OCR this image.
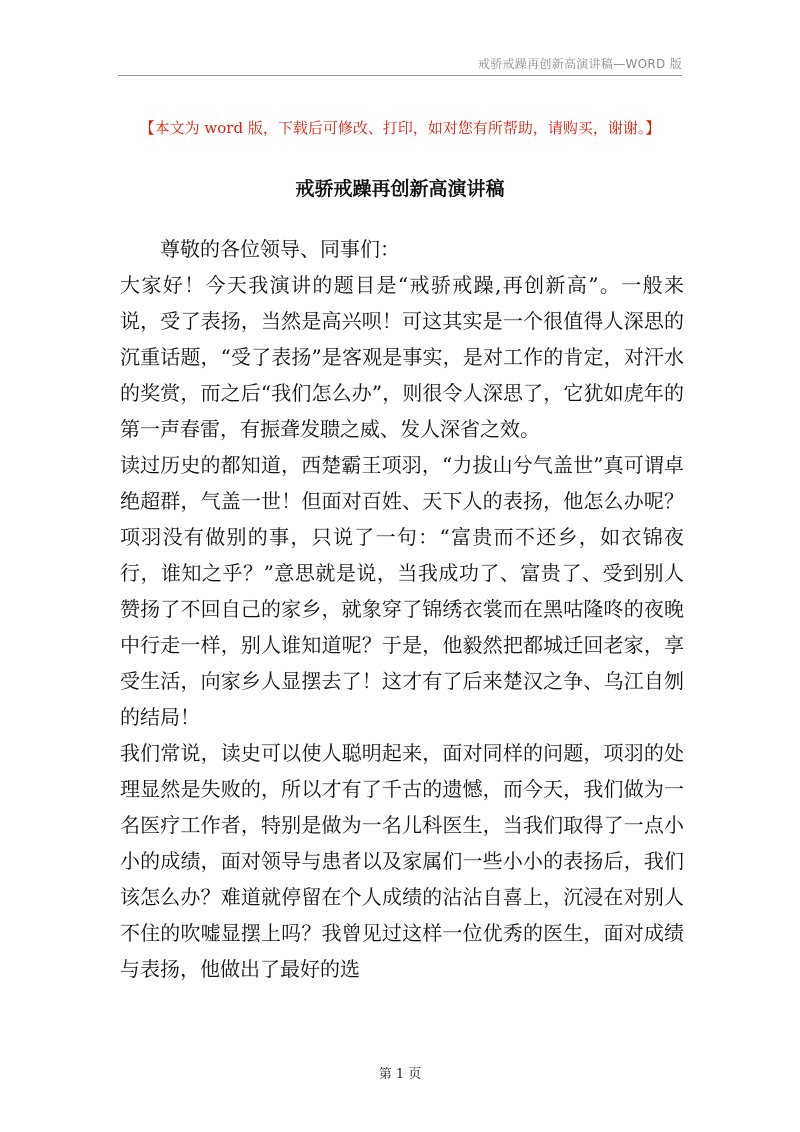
戒骄戒躁再创新高演讲稿—WORD 版
【本文为 word 版，下载后可修改、打印，如对您有所帮助，请购买，谢谢。】
戒骄戒躁再创新高演讲稿

尊敬的各位领导、同事们：

大家好！今天我演讲的题目是“戒骄戒躁,再创新高”。一般来说，受了表扬，当然是高兴呗！可这其实是一个很值得人深思的沉重话题，“受了表扬”是客观是事实，是对工作的肯定，对汗水的奖赏，而之后“我们怎么办”，则很令人深思了，它犹如虎年的第一声春雷，有振聋发聩之威、发人深省之效。

读过历史的都知道，西楚霸王项羽，“力拔山兮气盖世”真可谓卓绝超群，气盖一世！但面对百姓、天下人的表扬，他怎么办呢？项羽没有做别的事，只说了一句：“富贵而不还乡，如衣锦夜行，谁知之乎？”意思就是说，当我成功了、富贵了、受到别人赞扬了不回自己的家乡，就象穿了锦绣衣裳而在黑咕隆咚的夜晚中行走一样，别人谁知道呢？于是，他毅然把都城迁回老家，享受生活，向家乡人显摆去了！这才有了后来楚汉之争、乌江自刎的结局！

我们常说，读史可以使人聪明起来，面对同样的问题，项羽的处理显然是失败的，所以才有了千古的遗憾，而今天，我们做为一名医疗工作者，特别是做为一名儿科医生，当我们取得了一点小小的成绩，面对领导与患者以及家属们一些小小的表扬后，我们该怎么办？难道就停留在个人成绩的沾沾自喜上，沉浸在对别人不住的吹嘘显摆上吗？我曾见过这样一位优秀的医生，面对成绩与表扬，他做出了最好的选

第 1 页
